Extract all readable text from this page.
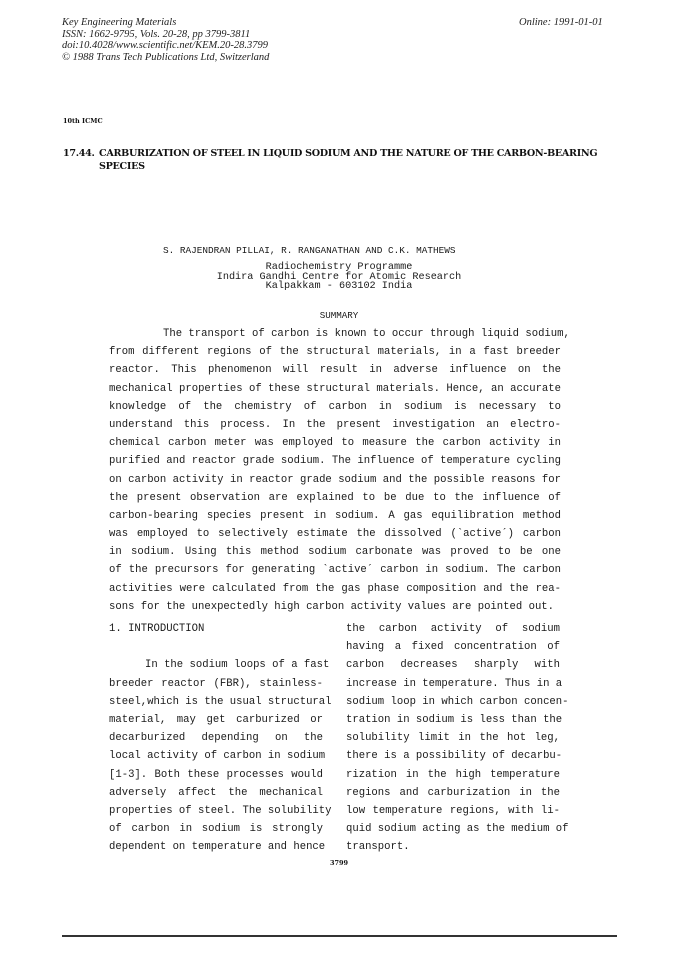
Key Engineering Materials
ISSN: 1662-9795, Vols. 20-28, pp 3799-3811
doi:10.4028/www.scientific.net/KEM.20-28.3799
© 1988 Trans Tech Publications Ltd, Switzerland
Online: 1991-01-01
10th ICMC
17.44. CARBURIZATION OF STEEL IN LIQUID SODIUM AND THE NATURE OF THE CARBON-BEARING
SPECIES
S. RAJENDRAN PILLAI, R. RANGANATHAN AND C.K. MATHEWS
Radiochemistry Programme
Indira Gandhi Centre for Atomic Research
Kalpakkam - 603102 India
SUMMARY
The transport of carbon is known to occur through liquid sodium,
from different regions of the structural materials, in a fast breeder
reactor. This phenomenon will result in adverse influence on the
mechanical properties of these structural materials. Hence, an accurate
knowledge of the chemistry of carbon in sodium is necessary to
understand this process. In the present investigation an electro-
chemical carbon meter was employed to measure the carbon activity in
purified and reactor grade sodium. The influence of temperature cycling
on carbon activity in reactor grade sodium and the possible reasons for
the present observation are explained to be due to the influence of
carbon-bearing species present in sodium. A gas equilibration method
was employed to selectively estimate the dissolved (`active´) carbon
in sodium. Using this method sodium carbonate was proved to be one
of the precursors for generating `active´ carbon in sodium. The carbon
activities were calculated from the gas phase composition and the rea-
sons for the unexpectedly high carbon activity values are pointed out.
1. INTRODUCTION
In the sodium loops of a fast
breeder reactor (FBR), stainless-
steel,which is the usual structural
material, may get carburized or
decarburized depending on the
local activity of carbon in sodium
[1-3]. Both these processes would
adversely affect the mechanical
properties of steel. The solubility
of carbon in sodium is strongly
dependent on temperature and hence
the carbon activity of sodium
having a fixed concentration of
carbon decreases sharply with
increase in temperature. Thus in a
sodium loop in which carbon concen-
tration in sodium is less than the
solubility limit in the hot leg,
there is a possibility of decarbu-
rization in the high temperature
regions and carburization in the
low temperature regions, with li-
quid sodium acting as the medium of
transport.
3799
